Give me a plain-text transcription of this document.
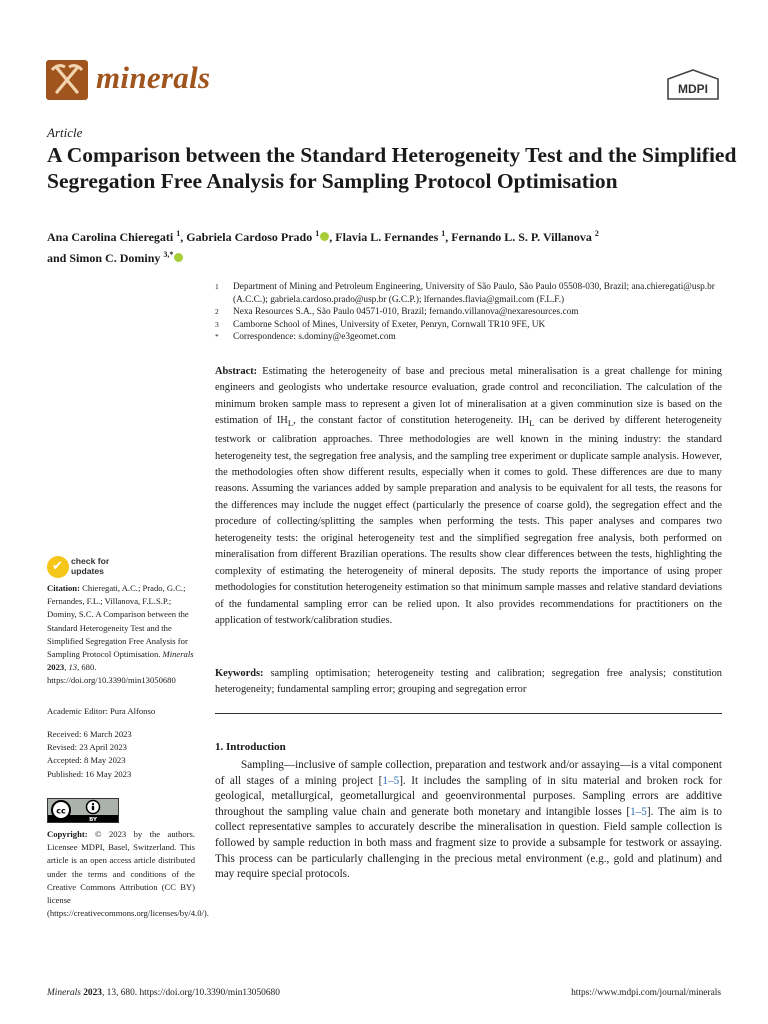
minerals	MDPI
Article
A Comparison between the Standard Heterogeneity Test and the Simplified Segregation Free Analysis for Sampling Protocol Optimisation
Ana Carolina Chieregati $^1$, Gabriela Cardoso Prado $^1$ , Flavia L. Fernandes $^1$, Fernando L. S. P. Villanova $^2$
and Simon C. Dominy $^{3,*}$
1	Department of Mining and Petroleum Engineering, University of São Paulo, São Paulo 05508-030, Brazil; ana.chieregati@usp.br (A.C.C.); gabriela.cardoso.prado@usp.br (G.C.P.); lfernandes.flavia@gmail.com (F.L.F.)
2	Nexa Resources S.A., São Paulo 04571-010, Brazil; fernando.villanova@nexaresources.com
3	Camborne School of Mines, University of Exeter, Penryn, Cornwall TR10 9FE, UK
*	Correspondence: s.dominy@e3geomet.com
Abstract: Estimating the heterogeneity of base and precious metal mineralisation is a great challenge for mining engineers and geologists who undertake resource evaluation, grade control and reconciliation. The calculation of the minimum broken sample mass to represent a given lot of mineralisation at a given comminution size is based on the estimation of $IH_L$, the constant factor of constitution heterogeneity. $IH_L$ can be derived by different heterogeneity testwork or calibration approaches. Three methodologies are well known in the mining industry: the standard heterogeneity test, the segregation free analysis, and the sampling tree experiment or duplicate sample analysis. However, the methodologies often show different results, especially when it comes to gold. These differences are due to many reasons. Assuming the variances added by sample preparation and analysis to be equivalent for all tests, the reasons for the differences may include the nugget effect (particularly the presence of coarse gold), the segregation effect and the procedure of collecting/splitting the samples when performing the tests. This paper analyses and compares two heterogeneity tests: the original heterogeneity test and the simplified segregation free analysis, both performed on mineralisation from different Brazilian operations. The results show clear differences between the tests, highlighting the complexity of estimating the heterogeneity of mineral deposits. The study reports the importance of using proper methodologies for constitution heterogeneity estimation so that minimum sample masses and relative standard deviations of the fundamental sampling error can be relied upon. It also provides recommendations for practitioners on the application of testwork/calibration studies.
Keywords: sampling optimisation; heterogeneity testing and calibration; segregation free analysis; constitution heterogeneity; fundamental sampling error; grouping and segregation error
1. Introduction
Sampling—inclusive of sample collection, preparation and testwork and/or assaying—is a vital component of all stages of a mining project [1–5]. It includes the sampling of in situ material and broken rock for geological, metallurgical, geometallurgical and geoenvironmental purposes. Sampling errors are additive throughout the sampling value chain and generate both monetary and intangible losses [1–5]. The aim is to collect representative samples to accurately describe the mineralisation in question. Field sample collection is followed by sample reduction in both mass and fragment size to provide a subsample for testwork or assaying. This process can be particularly challenging in the precious metal environment (e.g., gold and platinum) and may require special protocols.
✔ check for
updates
Citation: Chieregati, A.C.; Prado, G.C.; Fernandes, F.L.; Villanova, F.L.S.P.; Dominy, S.C. A Comparison between the Standard Heterogeneity Test and the Simplified Segregation Free Analysis for Sampling Protocol Optimisation. Minerals 2023, 13, 680. https://doi.org/10.3390/min13050680
Academic Editor: Pura Alfonso
Received: 6 March 2023
Revised: 23 April 2023
Accepted: 8 May 2023
Published: 16 May 2023
cc
BY
Copyright: © 2023 by the authors. Licensee MDPI, Basel, Switzerland. This article is an open access article distributed under the terms and conditions of the Creative Commons Attribution (CC BY) license (https://creativecommons.org/licenses/by/4.0/).
Minerals 2023, 13, 680. https://doi.org/10.3390/min13050680	https://www.mdpi.com/journal/minerals
